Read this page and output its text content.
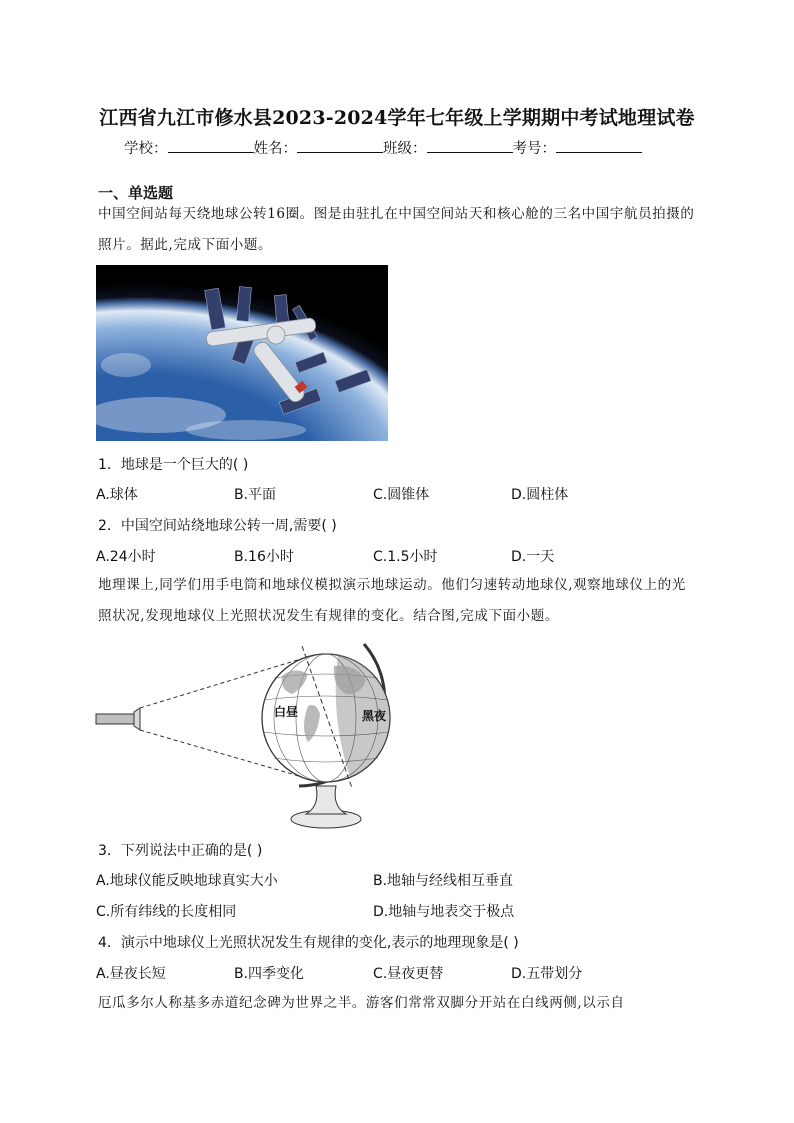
江西省九江市修水县2023-2024学年七年级上学期期中考试地理试卷
学校：	姓名：	班级：	考号：
一、单选题
中国空间站每天绕地球公转16圈。图是由驻扎在中国空间站天和核心舱的三名中国宇航员拍摄的照片。据此,完成下面小题。
1．地球是一个巨大的( )
A.球体	B.平面	C.圆锥体	D.圆柱体
2．中国空间站绕地球公转一周,需要( )
A.24小时	B.16小时	C.1.5小时	D.一天
地理课上,同学们用手电筒和地球仪模拟演示地球运动。他们匀速转动地球仪,观察地球仪上的光照状况,发现地球仪上光照状况发生有规律的变化。结合图,完成下面小题。
白昼	黑夜
3．下列说法中正确的是( )
A.地球仪能反映地球真实大小	B.地轴与经线相互垂直
C.所有纬线的长度相同	D.地轴与地表交于极点
4．演示中地球仪上光照状况发生有规律的变化,表示的地理现象是( )
A.昼夜长短	B.四季变化	C.昼夜更替	D.五带划分
厄瓜多尔人称基多赤道纪念碑为世界之半。游客们常常双脚分开站在白线两侧,以示自
